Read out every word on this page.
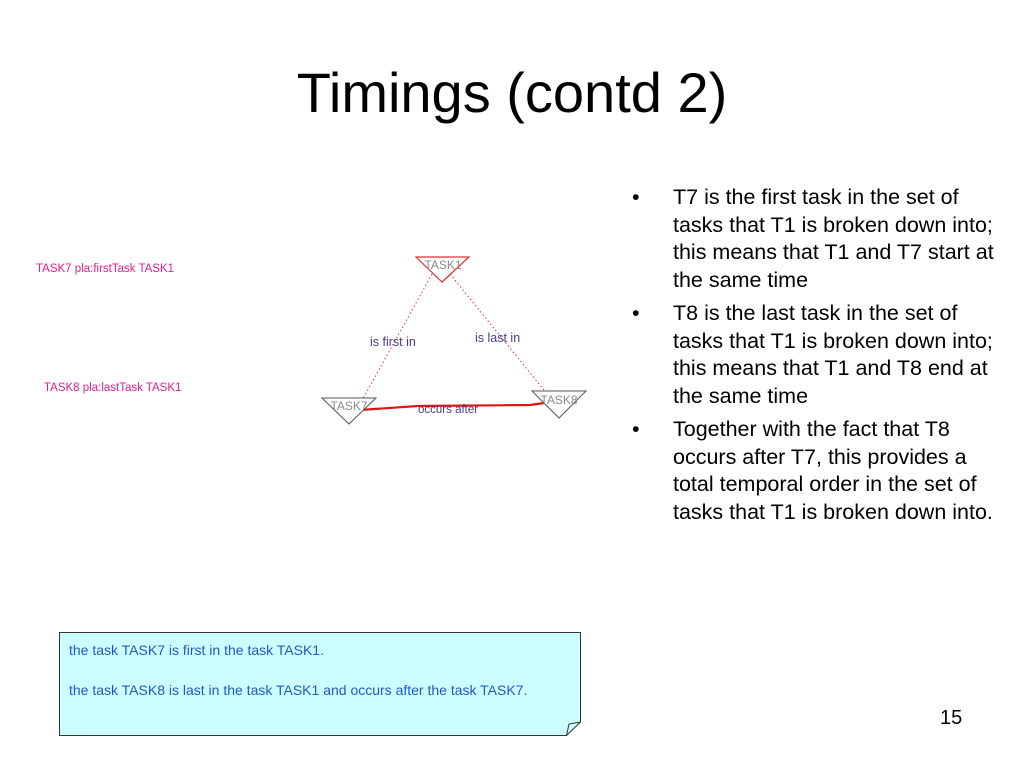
Timings (contd 2)
TASK7 pla:firstTask TASK1
TASK8 pla:lastTask TASK1
TASK1
TASK7	TASK8
is first in	is last in
occurs after
• T7 is the first task in the set of tasks that T1 is broken down into; this means that T1 and T7 start at the same time
• T8 is the last task in the set of tasks that T1 is broken down into; this means that T1 and T8 end at the same time
• Together with the fact that T8 occurs after T7, this provides a total temporal order in the set of tasks that T1 is broken down into.

the task TASK7 is first in the task TASK1.

the task TASK8 is last in the task TASK1 and occurs after the task TASK7.

15
